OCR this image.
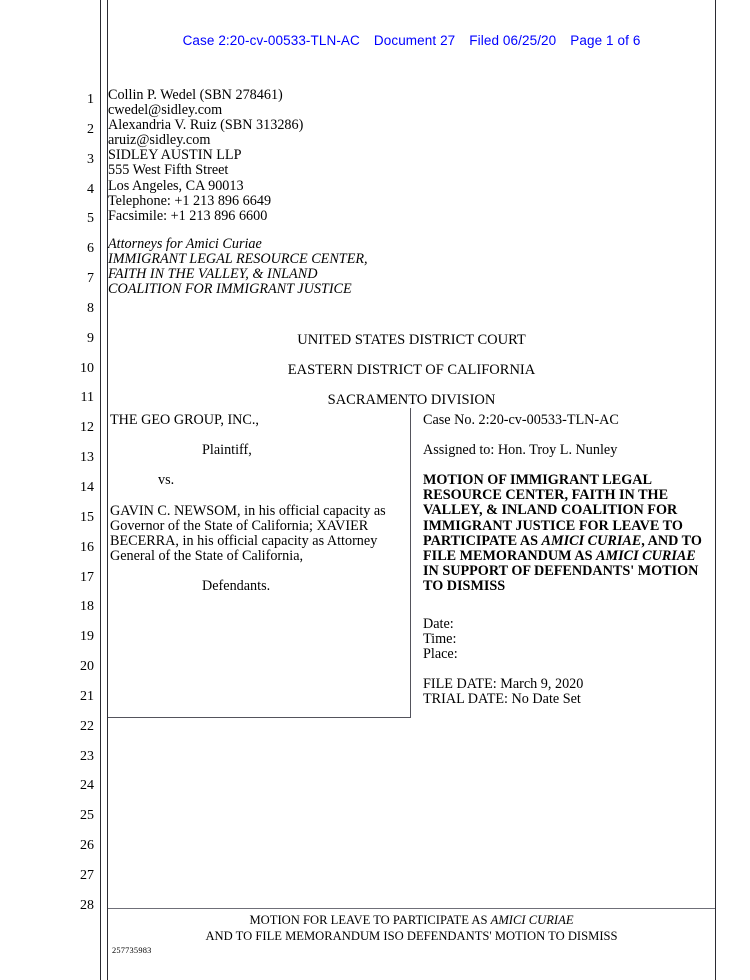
Case 2:20-cv-00533-TLN-AC Document 27 Filed 06/25/20 Page 1 of 6
1
2
3
4
5
6
7
8
9
10
11
12
13
14
15
16
17
18
19
20
21
22
23
24
25
26
27
28
Collin P. Wedel (SBN 278461)
cwedel@sidley.com
Alexandria V. Ruiz (SBN 313286)
aruiz@sidley.com
SIDLEY AUSTIN LLP
555 West Fifth Street
Los Angeles, CA 90013
Telephone: +1 213 896 6649
Facsimile: +1 213 896 6600
Attorneys for Amici Curiae
IMMIGRANT LEGAL RESOURCE CENTER,
FAITH IN THE VALLEY, & INLAND
COALITION FOR IMMIGRANT JUSTICE
UNITED STATES DISTRICT COURT
EASTERN DISTRICT OF CALIFORNIA
SACRAMENTO DIVISION
THE GEO GROUP, INC.,
Plaintiff,
vs.
GAVIN C. NEWSOM, in his official capacity as
Governor of the State of California; XAVIER
BECERRA, in his official capacity as Attorney
General of the State of California,
Defendants.
Case No. 2:20-cv-00533-TLN-AC
Assigned to: Hon. Troy L. Nunley
MOTION OF IMMIGRANT LEGAL RESOURCE CENTER, FAITH IN THE VALLEY, & INLAND COALITION FOR IMMIGRANT JUSTICE FOR LEAVE TO PARTICIPATE AS AMICI CURIAE, AND TO FILE MEMORANDUM AS AMICI CURIAE IN SUPPORT OF DEFENDANTS' MOTION TO DISMISS
Date:
Time:
Place:
FILE DATE: March 9, 2020
TRIAL DATE: No Date Set
MOTION FOR LEAVE TO PARTICIPATE AS AMICI CURIAE
AND TO FILE MEMORANDUM ISO DEFENDANTS' MOTION TO DISMISS
257735983
